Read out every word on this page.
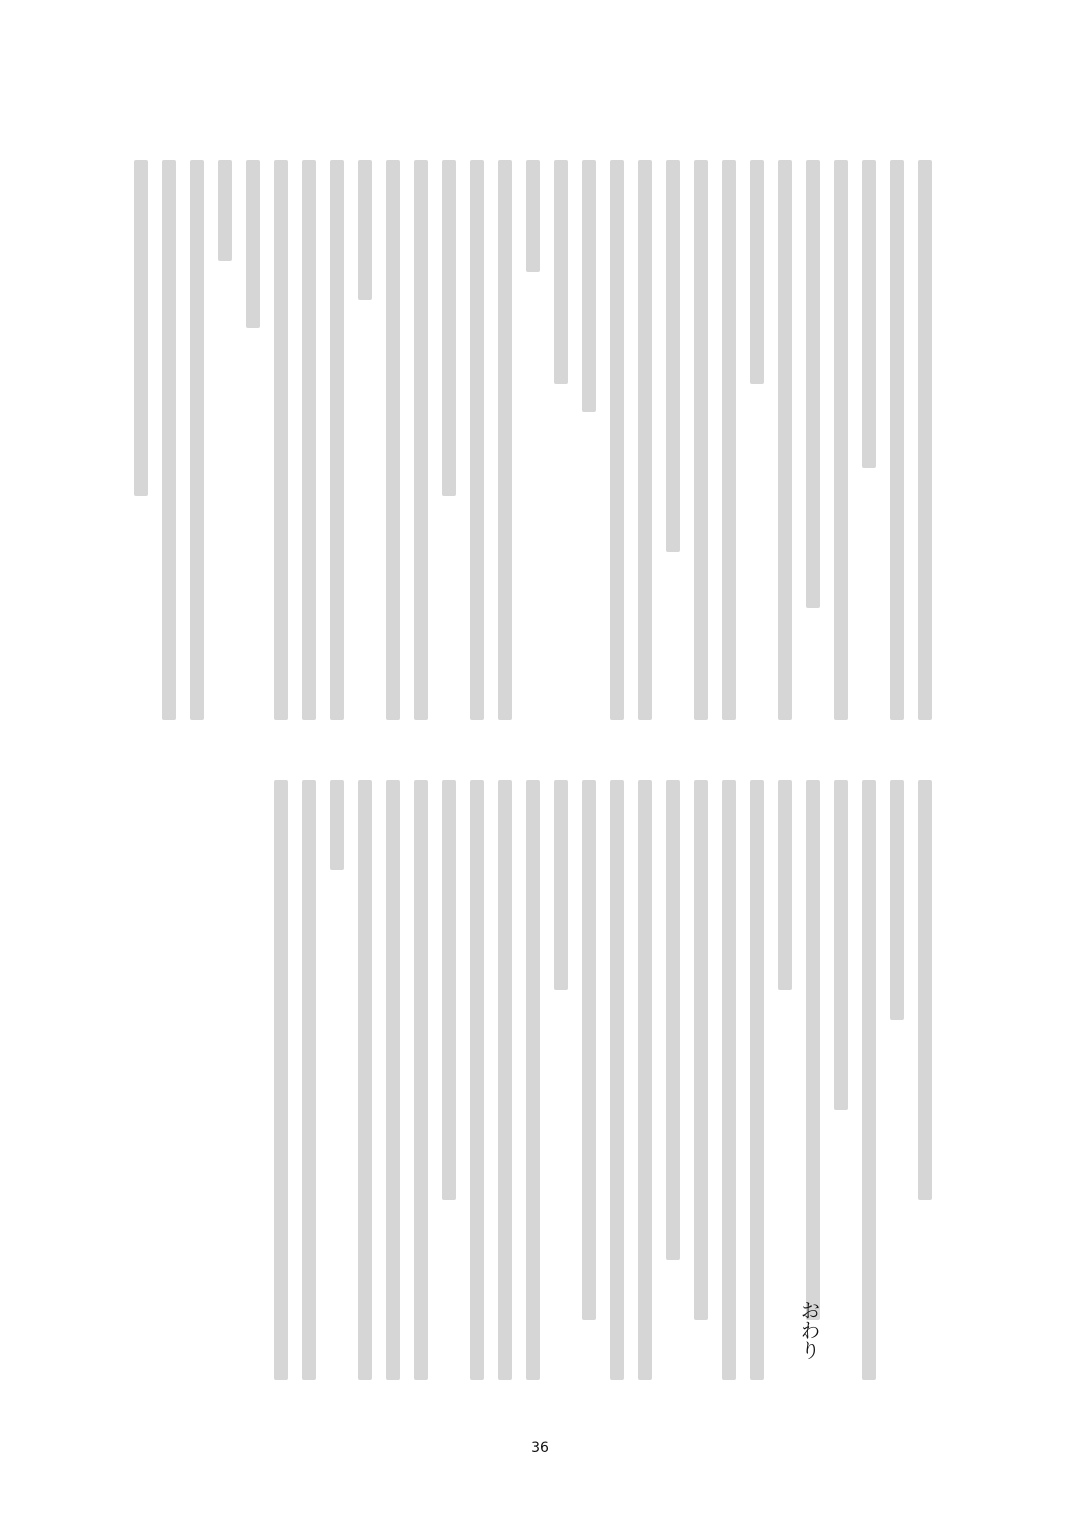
おわり
36
